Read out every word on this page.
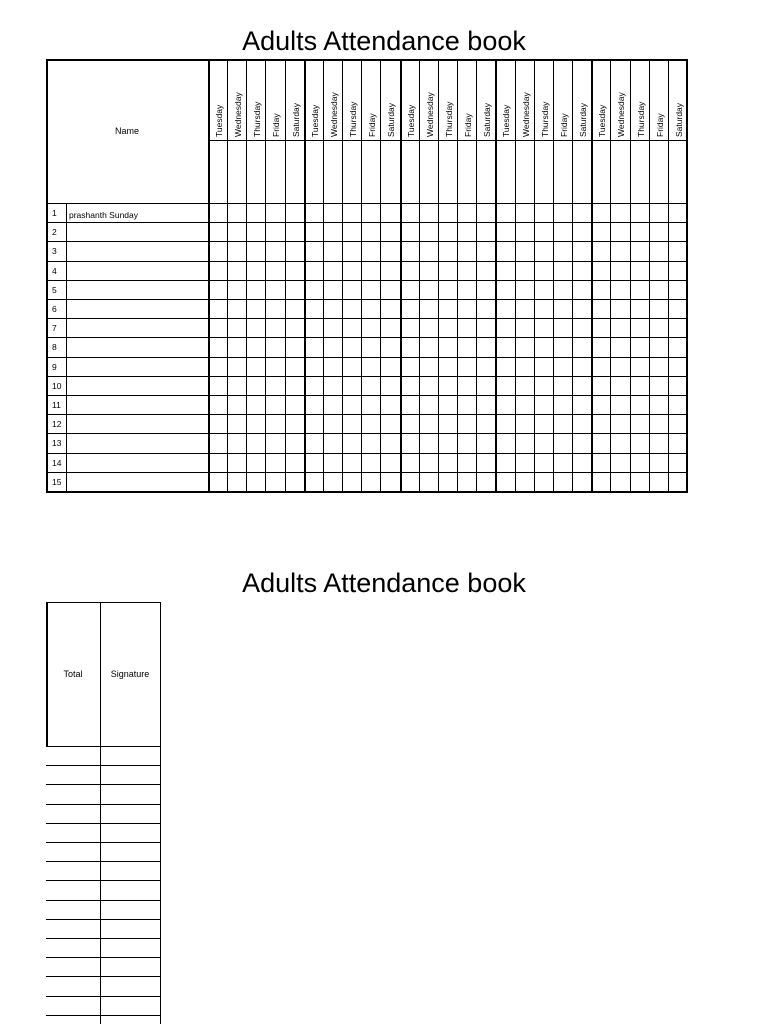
Adults Attendance book
Adults Attendance book
Name	Tuesday Wednesday Thursday Friday Saturday Tuesday Wednesday Thursday Friday Saturday Tuesday Wednesday Thursday Friday Saturday Tuesday Wednesday Thursday Friday Saturday Tuesday Wednesday Thursday Friday Saturday
1 prashanth Sunday
2
3
4
5
6
7
8
9
10
11
12
13
14
15
Total	Signature
